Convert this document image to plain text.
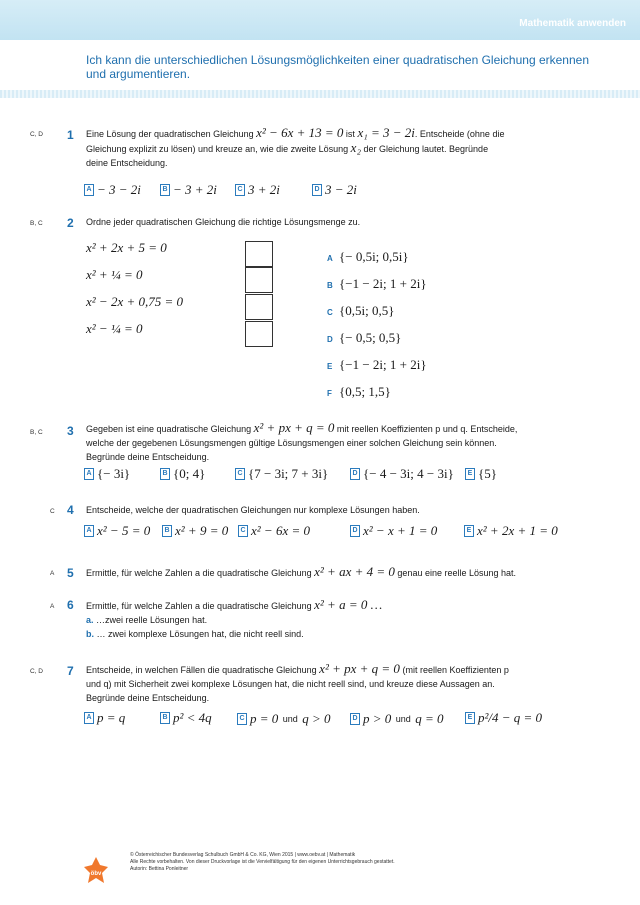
Mathematik anwenden
Ich kann die unterschiedlichen Lösungsmöglichkeiten einer quadratischen Gleichung erkennen und argumentieren.
C, D 1 Eine Lösung der quadratischen Gleichung x² − 6x + 13 = 0 ist x₁ = 3 − 2i. Entscheide (ohne die
Gleichung explizit zu lösen) und kreuze an, wie die zweite Lösung x₂ der Gleichung lautet. Begründe
deine Entscheidung.
A − 3 − 2i	B − 3 + 2i	C 3 + 2i	D 3 − 2i
B, C 2 Ordne jeder quadratischen Gleichung die richtige Lösungsmenge zu.
x² + 2x + 5 = 0
x² + ¼ = 0
x² − 2x + 0,75 = 0
x² − ¼ = 0
A {− 0,5i; 0,5i}
B {−1 − 2i; 1 + 2i}
C {0,5i; 0,5}
D {− 0,5; 0,5}
E {−1 − 2i; 1 + 2i}
F {0,5; 1,5}
B, C 3 Gegeben ist eine quadratische Gleichung x² + px + q = 0 mit reellen Koeffizienten p und q. Entscheide,
welche der gegebenen Lösungsmengen gültige Lösungsmengen einer solchen Gleichung sein können.
Begründe deine Entscheidung.
A {− 3i}	B {0; 4}	C {7 − 3i; 7 + 3i}	D {− 4 − 3i; 4 − 3i}	E {5}
C 4 Entscheide, welche der quadratischen Gleichungen nur komplexe Lösungen haben.
A x² − 5 = 0	B x² + 9 = 0	C x² − 6x = 0	D x² − x + 1 = 0	E x² + 2x + 1 = 0
A 5 Ermittle, für welche Zahlen a die quadratische Gleichung x² + ax + 4 = 0 genau eine reelle Lösung hat.
A 6 Ermittle, für welche Zahlen a die quadratische Gleichung x² + a = 0 …
a. …zwei reelle Lösungen hat.
b. … zwei komplexe Lösungen hat, die nicht reell sind.
C, D 7 Entscheide, in welchen Fällen die quadratische Gleichung x² + px + q = 0 (mit reellen Koeffizienten p
und q) mit Sicherheit zwei komplexe Lösungen hat, die nicht reell sind, und kreuze diese Aussagen an.
Begründe deine Entscheidung.
A p = q	B p² < 4q	C p = 0
und
q > 0	D p > 0
und
q = 0	E p²/4 − q = 0
öbv
© Österreichischer Bundesverlag Schulbuch GmbH & Co. KG, Wien 2015 | www.oebv.at | Mathematik
Alle Rechte vorbehalten. Von dieser Druckvorlage ist die Vervielfältigung für den eigenen Unterrichtsgebrauch gestattet.
Autorin: Bettina Ponleitner
